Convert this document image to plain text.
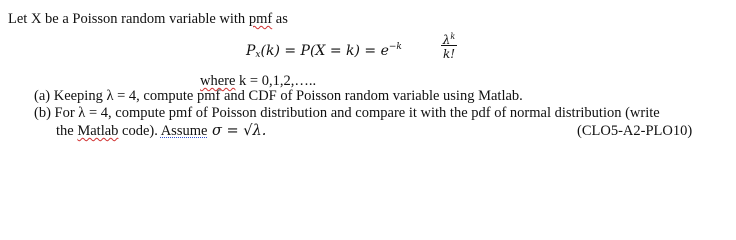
Let X be a Poisson random variable with pmf as
$P_x(k) = P(X = k) = e^{-k}$	$\lambda^k$
k!
where k = 0,1,2,…..
(a) Keeping λ = 4, compute pmf and CDF of Poisson random variable using Matlab.
(b) For λ = 4, compute pmf of Poisson distribution and compare it with the pdf of normal distribution (write
the Matlab code). Assume σ = √λ.	(CLO5-A2-PLO10)
